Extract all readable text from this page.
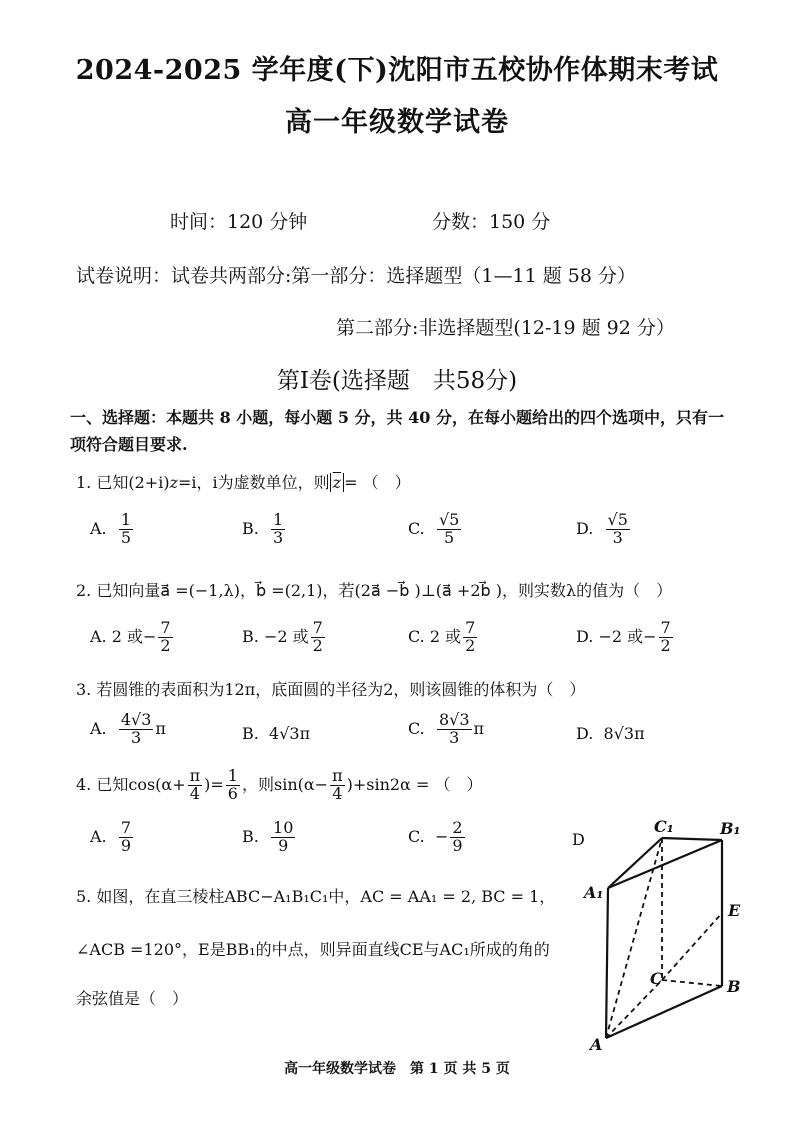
2024-2025 学年度(下)沈阳市五校协作体期末考试
高一年级数学试卷
时间：120 分钟	分数：150 分
试卷说明：试卷共两部分:第一部分：选择题型（1—11 题 58 分）
第二部分:非选择题型(12-19 题 92 分）
第Ⅰ卷(选择题　共58分)
一、选择题：本题共 8 小题，每小题 5 分，共 40 分，在每小题给出的四个选项中，只有一项符合题目要求.
1. 已知(2+i)z=i，i为虚数单位，则 $\overline{z}$ = （　）
A. $\frac{1}{5}$	B. $\frac{1}{3}$	C. $\frac{√5}{5}$	D. $\frac{√5}{3}$
2. 已知向量a⃗ =(−1,λ)，b⃗ =(2,1)，若(2a⃗ −b⃗ )⊥(a⃗ +2b⃗ )，则实数λ的值为（　）
A. 2 或− $\frac{7}{2}$	B. −2 或 $\frac{7}{2}$	C. 2 或 $\frac{7}{2}$	D. −2 或− $\frac{7}{2}$
3. 若圆锥的表面积为12π，底面圆的半径为2，则该圆锥的体积为（　）
A. $\frac{4√3}{3}$ π	B. 4√3π	C. $\frac{8√3}{3}$ π	D. 8√3π
4. 已知$\cos(\alpha+ \frac{\pi}{4}$ )= $\frac{1}{6}$ ，则$\sin(\alpha- \frac{\pi}{4} )+\sin 2\alpha$ = （　）
A. $\frac{7}{9}$	B. $\frac{10}{9}$	C. − $\frac{2}{9}$	D
5. 如图，在直三棱柱ABC−A₁B₁C₁中，AC = AA₁ = 2, BC = 1，
∠ACB =120°，E是BB₁的中点，则异面直线CE与AC₁所成的角的
余弦值是（　）
C₁	B₁
A₁
E
C	B
A
高一年级数学试卷　第 1 页 共 5 页
